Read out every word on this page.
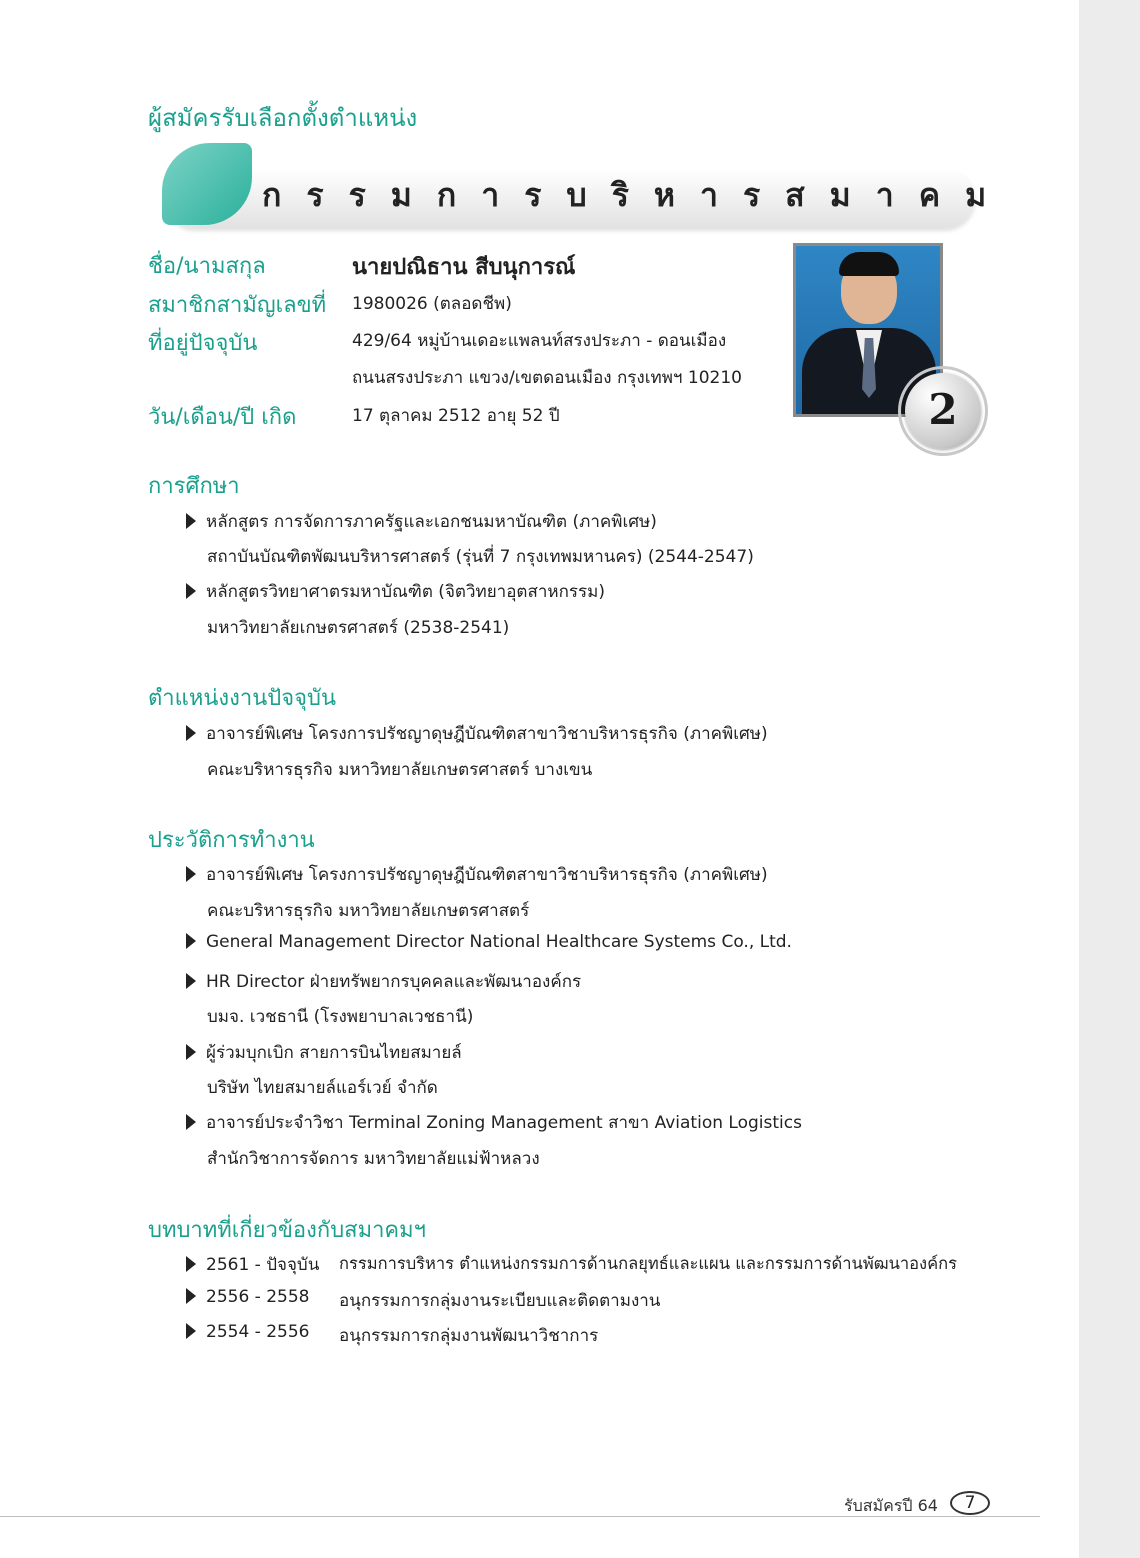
ผู้สมัครรับเลือกตั้งตำแหน่ง
กรรมการบริหารสมาคม
ชื่อ/นามสกุล	นายปณิธาน สีบนุการณ์
สมาชิกสามัญเลขที่ 1980026 (ตลอดชีพ)
ที่อยู่ปัจจุบัน	429/64 หมู่บ้านเดอะแพลนท์สรงประภา - ดอนเมือง
ถนนสรงประภา แขวง/เขตดอนเมือง กรุงเทพฯ 10210
วัน/เดือน/ปี เกิด	17 ตุลาคม 2512 อายุ 52 ปี	2
การศึกษา
หลักสูตร การจัดการภาครัฐและเอกชนมหาบัณฑิต (ภาคพิเศษ)
สถาบันบัณฑิตพัฒนบริหารศาสตร์ (รุ่นที่ 7 กรุงเทพมหานคร) (2544-2547)
หลักสูตรวิทยาศาตรมหาบัณฑิต (จิตวิทยาอุตสาหกรรม)
มหาวิทยาลัยเกษตรศาสตร์ (2538-2541)
ตำแหน่งงานปัจจุบัน
อาจารย์พิเศษ โครงการปรัชญาดุษฎีบัณฑิตสาขาวิชาบริหารธุรกิจ (ภาคพิเศษ)
คณะบริหารธุรกิจ มหาวิทยาลัยเกษตรศาสตร์ บางเขน
ประวัติการทำงาน
อาจารย์พิเศษ โครงการปรัชญาดุษฎีบัณฑิตสาขาวิชาบริหารธุรกิจ (ภาคพิเศษ)
คณะบริหารธุรกิจ มหาวิทยาลัยเกษตรศาสตร์
General Management Director National Healthcare Systems Co., Ltd.
HR Director ฝ่ายทรัพยากรบุคคลและพัฒนาองค์กร
บมจ. เวชธานี (โรงพยาบาลเวชธานี)
ผู้ร่วมบุกเบิก สายการบินไทยสมายล์
บริษัท ไทยสมายล์แอร์เวย์ จำกัด
อาจารย์ประจำวิชา Terminal Zoning Management สาขา Aviation Logistics
สำนักวิชาการจัดการ มหาวิทยาลัยแม่ฟ้าหลวง
บทบาทที่เกี่ยวข้องกับสมาคมฯ
2561 - ปัจจุบัน กรรมการบริหาร ตำแหน่งกรรมการด้านกลยุทธ์และแผน และกรรมการด้านพัฒนาองค์กร
2556 - 2558 อนุกรรมการกลุ่มงานระเบียบและติดตามงาน
2554 - 2556 อนุกรรมการกลุ่มงานพัฒนาวิชาการ
รับสมัครปี 64	7
